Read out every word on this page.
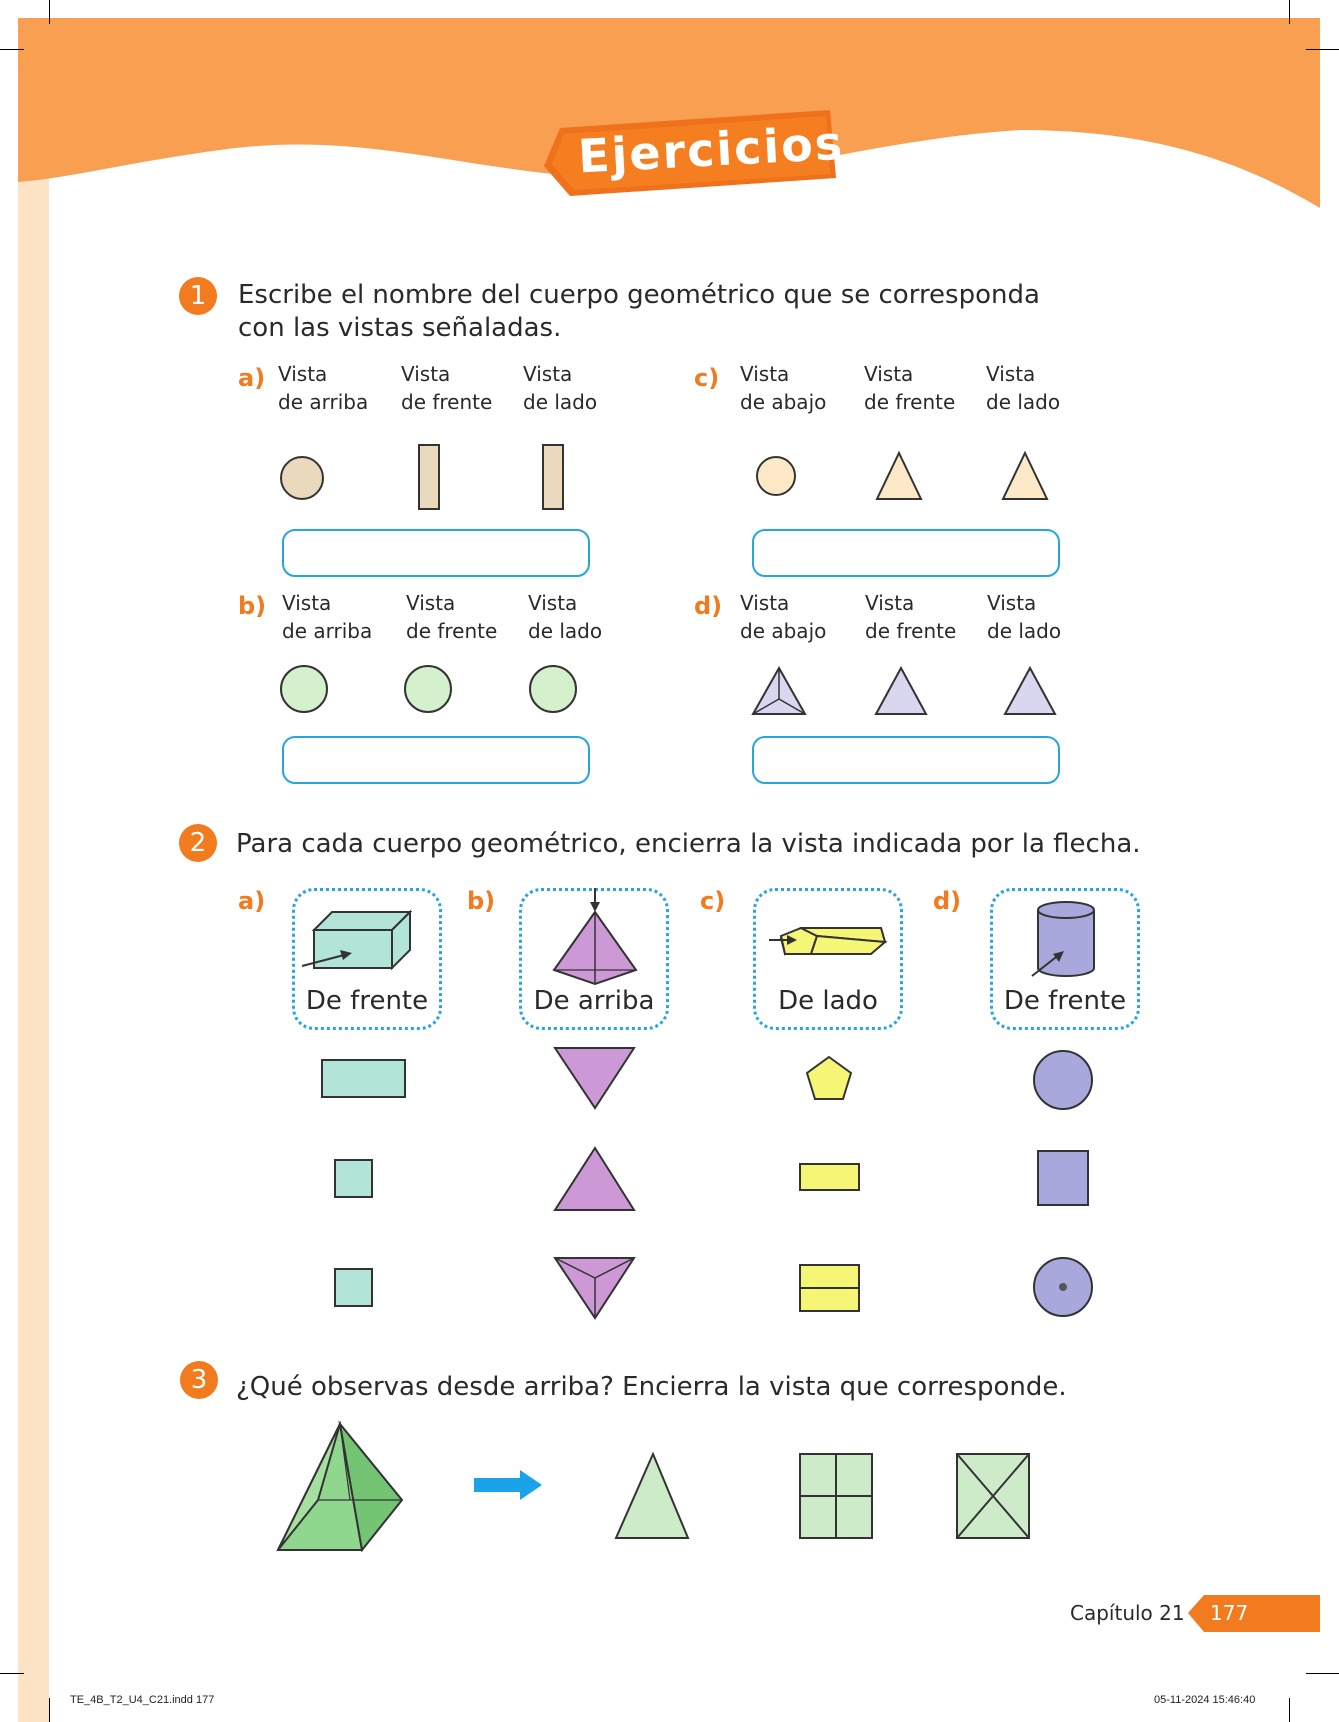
Ejercicios
1	Escribe el nombre del cuerpo geométrico que se corresponda
con las vistas señaladas.
a) Vista
de arriba
Vista
de frente
Vista
de lado
c) Vista
de abajo
Vista
de frente
Vista
de lado
b) Vista
de arriba
Vista
de frente
Vista
de lado
d) Vista
de abajo
Vista
de frente
Vista
de lado
2	Para cada cuerpo geométrico, encierra la vista indicada por la flecha.
a)
De frente
b)
De arriba
c)
De lado
d)
De frente
3	¿Qué observas desde arriba? Encierra la vista que corresponde.
Capítulo 21 177
TE_4B_T2_U4_C21.indd 177	05-11-2024 15:46:40
